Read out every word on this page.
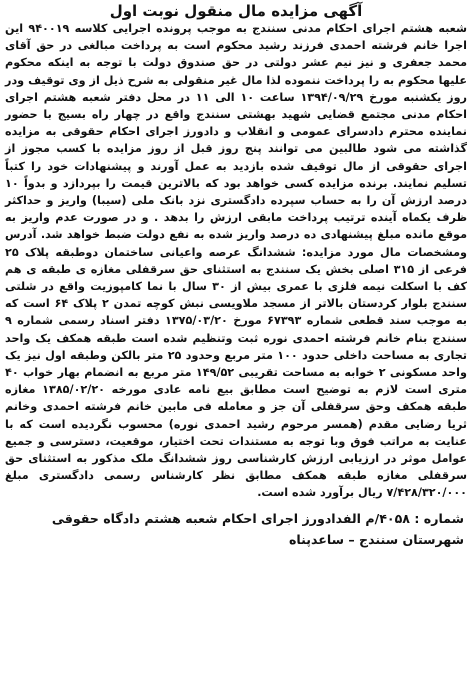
آگهی مزایده مال منقول نوبت اول

شعبه هشتم اجرای احکام مدنی سنندج به موجب پرونده اجرایی کلاسه ۹۴۰۰۱۹ این اجرا خانم فرشته احمدی فرزند رشید محکوم است به پرداخت مبالغی در حق آقای محمد جعفری و نیز نیم عشر دولتی در حق صندوق دولت با توجه به اینکه محکوم علیها محکوم به را پرداخت ننموده لذا مال غیر منقولی به شرح ذیل از وی توقیف ودر روز یکشنبه مورخ ۱۳۹۴/۰۹/۲۹ ساعت ۱۰ الی ۱۱ در محل دفتر شعبه هشتم اجرای احکام مدنی مجتمع قضایی شهید بهشتی سنندج واقع در چهار راه بسیج با حضور نماینده محترم دادسرای عمومی و انقلاب و دادورز اجرای احکام حقوقی به مزایده گذاشته می شود طالبین می توانند پنج روز قبل از روز مزایده با کسب مجوز از اجرای حقوقی از مال توقیف شده بازدید به عمل آورند و پیشنهادات خود را کتباً تسلیم نمایند. برنده مزایده کسی خواهد بود که بالاترین قیمت را بپردازد و بدواً ۱۰ درصد ارزش آن را به حساب سپرده دادگستری نزد بانک ملی (سیبا) واریز و حداکثر ظرف یکماه آینده ترتیب پرداخت مابقی ارزش را بدهد . و در صورت عدم واریز به موقع مانده مبلغ پیشنهادی ده درصد واریز شده به نفع دولت ضبط خواهد شد. آدرس ومشخصات مال مورد مزایده: ششدانگ عرصه واعیانی ساختمان دوطبقه پلاک ۲۵ فرعی از ۳۱۵ اصلی بخش یک سنندج به استثنای حق سرقفلی مغازه ی طبقه ی هم کف با اسکلت نیمه فلزی با عمری بیش از ۳۰ سال با نما کامپوزیت واقع در شلتی سنندج بلوار کردستان بالاتر از مسجد ملاویسی نبش کوچه تمدن ۲ پلاک ۶۴ است که به موجب سند قطعی شماره ۶۷۳۹۳ مورخ ۱۳۷۵/۰۳/۲۰ دفتر اسناد رسمی شماره ۹ سنندج بنام خانم فرشته احمدی نوره ثبت وتنظیم شده است طبقه همکف یک واحد تجاری به مساحت داخلی حدود ۱۰۰ متر مربع وحدود ۲۵ متر بالکن وطبقه اول نیز یک واحد مسکونی ۲ خوابه به مساحت تقریبی ۱۴۹/۵۲ متر مربع به انضمام بهار خواب ۴۰ متری است لازم به توضیح است مطابق بیع نامه عادی مورخه ۱۳۸۵/۰۲/۲۰ مغازه طبقه همکف وحق سرقفلی آن جز و معامله فی مابین خانم فرشته احمدی وخانم ثریا رضایی مقدم (همسر مرحوم رشید احمدی نوره) محسوب نگردیده است که با عنایت به مراتب فوق وبا توجه به مستندات تحت اختیار، موقعیت، دسترسی و جمیع عوامل موثر در ارزیابی ارزش کارشناسی روز ششدانگ ملک مذکور به استثنای حق سرقفلی مغازه طبقه همکف مطابق نظر کارشناس رسمی دادگستری مبلغ ۷/۴۲۸/۳۲۰/۰۰۰ ریال برآورد شده است.

شماره : ۴۰۵۸/م الفدادورز اجرای احکام شعبه هشتم دادگاه حقوقی
شهرستان سنندج – ساعدپناه
